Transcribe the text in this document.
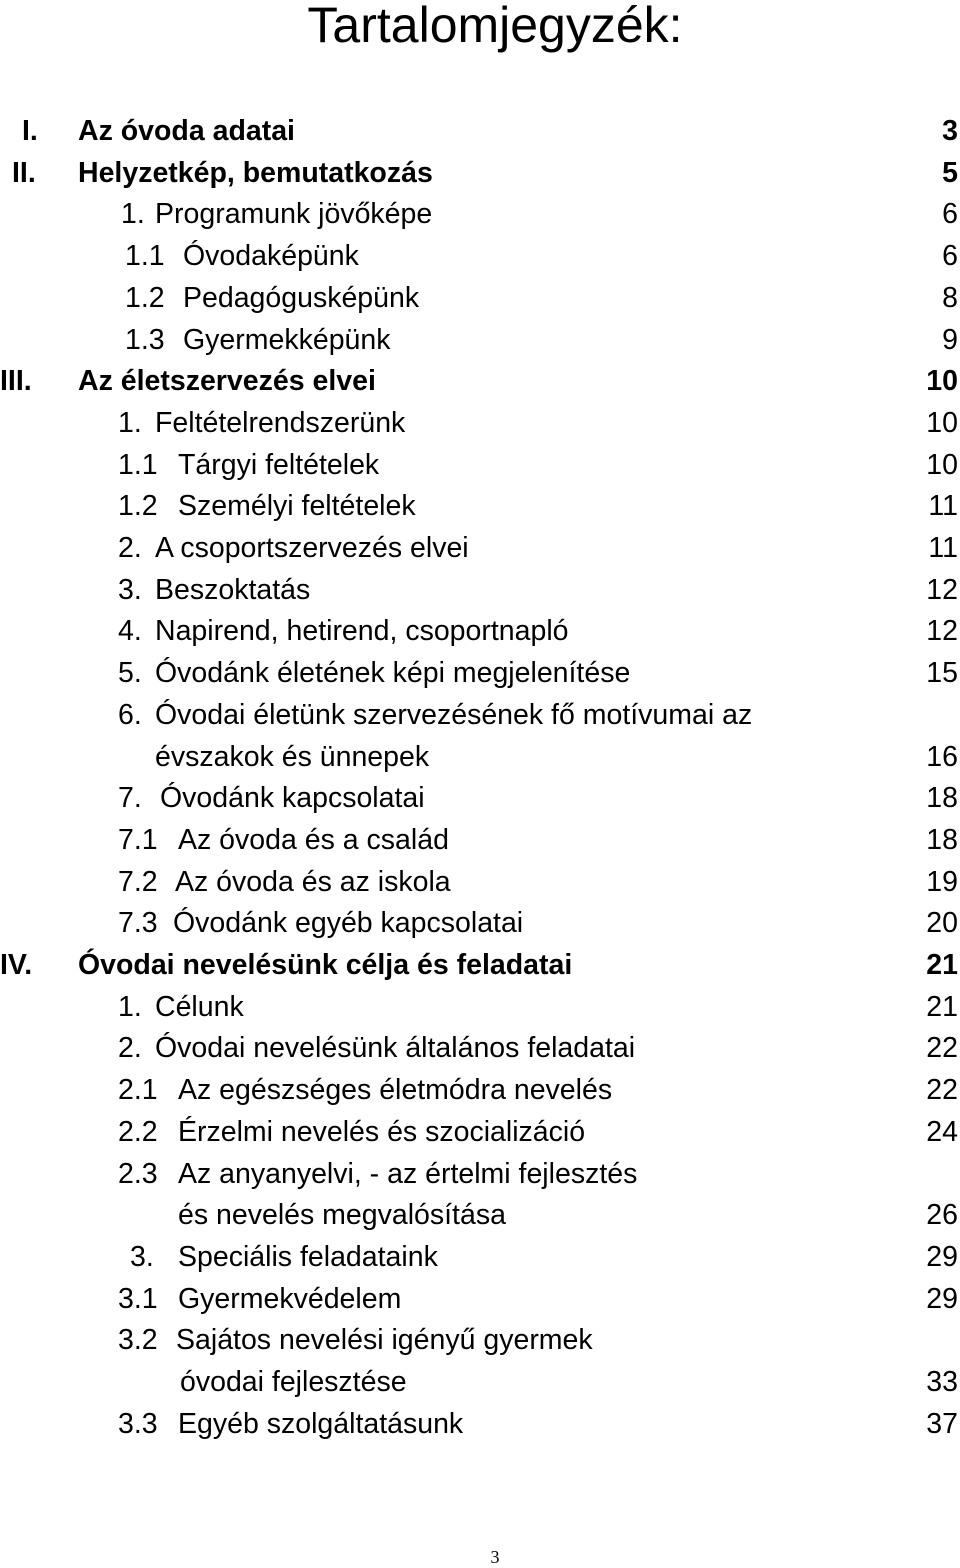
Tartalomjegyzék:
I. Az óvoda adatai	3
II. Helyzetkép, bemutatkozás	5
1. Programunk jövőképe	6
1.1 Óvodaképünk	6
1.2 Pedagógusképünk	8
1.3 Gyermekképünk	9
III. Az életszervezés elvei	10
1. Feltételrendszerünk	10
1.1 Tárgyi feltételek	10
1.2 Személyi feltételek	11
2. A csoportszervezés elvei	11
3. Beszoktatás	12
4. Napirend, hetirend, csoportnapló	12
5. Óvodánk életének képi megjelenítése	15
6. Óvodai életünk szervezésének fő motívumai az
évszakok és ünnepek	16
7. Óvodánk kapcsolatai	18
7.1 Az óvoda és a család	18
7.2 Az óvoda és az iskola	19
7.3 Óvodánk egyéb kapcsolatai	20
IV. Óvodai nevelésünk célja és feladatai	21
1. Célunk	21
2. Óvodai nevelésünk általános feladatai	22
2.1 Az egészséges életmódra nevelés	22
2.2 Érzelmi nevelés és szocializáció	24
2.3 Az anyanyelvi, - az értelmi fejlesztés
és nevelés megvalósítása	26
3. Speciális feladataink	29
3.1 Gyermekvédelem	29
3.2 Sajátos nevelési igényű gyermek
óvodai fejlesztése	33
3.3 Egyéb szolgáltatásunk	37
3
